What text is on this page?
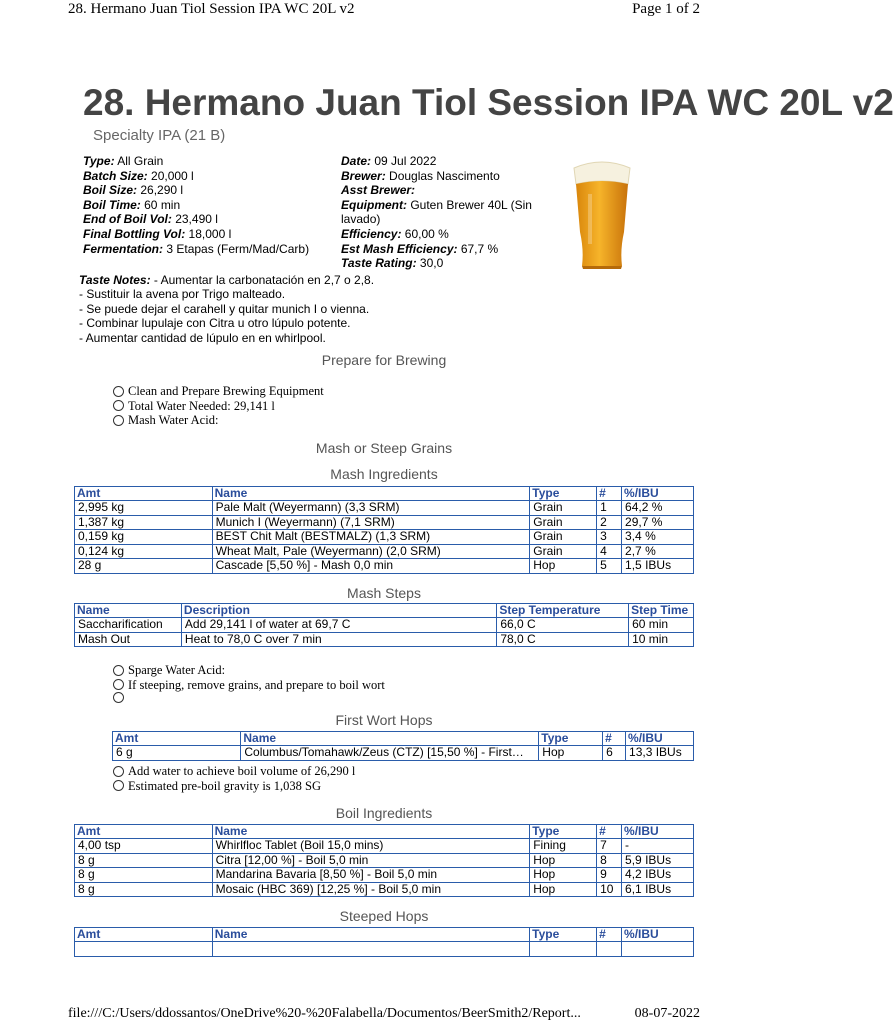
28. Hermano Juan Tiol Session IPA WC 20L v2	Page 1 of 2
28. Hermano Juan Tiol Session IPA WC 20L v2
Specialty IPA (21 B)
Type: All Grain
Batch Size: 20,000 l
Boil Size: 26,290 l
Boil Time: 60 min
End of Boil Vol: 23,490 l
Final Bottling Vol: 18,000 l
Fermentation: 3 Etapas (Ferm/Mad/Carb)
Date: 09 Jul 2022
Brewer: Douglas Nascimento
Asst Brewer:
Equipment: Guten Brewer 40L (Sin
lavado)
Efficiency: 60,00 %
Est Mash Efficiency: 67,7 %
Taste Rating: 30,0
Taste Notes: - Aumentar la carbonatación en 2,7 o 2,8.
- Sustituir la avena por Trigo malteado.
- Se puede dejar el carahell y quitar munich I o vienna.
- Combinar lupulaje con Citra u otro lúpulo potente.
- Aumentar cantidad de lúpulo en en whirlpool.
Prepare for Brewing
Clean and Prepare Brewing Equipment
Total Water Needed: 29,141 l
Mash Water Acid:
Mash or Steep Grains
Mash Ingredients
Amt	Name	Type	#	%/IBU
2,995 kg	Pale Malt (Weyermann) (3,3 SRM)	Grain	1	64,2 %
1,387 kg	Munich I (Weyermann) (7,1 SRM)	Grain	2	29,7 %
0,159 kg	BEST Chit Malt (BESTMALZ) (1,3 SRM)	Grain	3	3,4 %
0,124 kg	Wheat Malt, Pale (Weyermann) (2,0 SRM)	Grain	4	2,7 %
28 g	Cascade [5,50 %] - Mash 0,0 min	Hop	5	1,5 IBUs
Mash Steps
Name	Description	Step Temperature	Step Time
Saccharification	Add 29,141 l of water at 69,7 C	66,0 C	60 min
Mash Out	Heat to 78,0 C over 7 min	78,0 C	10 min
Sparge Water Acid:
If steeping, remove grains, and prepare to boil wort
First Wort Hops
Amt	Name	Type	#	%/IBU
6 g	Columbus/Tomahawk/Zeus (CTZ) [15,50 %] - First…	Hop	6	13,3 IBUs
Add water to achieve boil volume of 26,290 l
Estimated pre-boil gravity is 1,038 SG
Boil Ingredients
Amt	Name	Type	#	%/IBU
4,00 tsp	Whirlfloc Tablet (Boil 15,0 mins)	Fining	7	-
8 g	Citra [12,00 %] - Boil 5,0 min	Hop	8	5,9 IBUs
8 g	Mandarina Bavaria [8,50 %] - Boil 5,0 min	Hop	9	4,2 IBUs
8 g	Mosaic (HBC 369) [12,25 %] - Boil 5,0 min	Hop	10	6,1 IBUs
Steeped Hops
Amt	Name	Type	#	%/IBU

file:///C:/Users/ddossantos/OneDrive%20-%20Falabella/Documentos/BeerSmith2/Report...	08-07-2022
